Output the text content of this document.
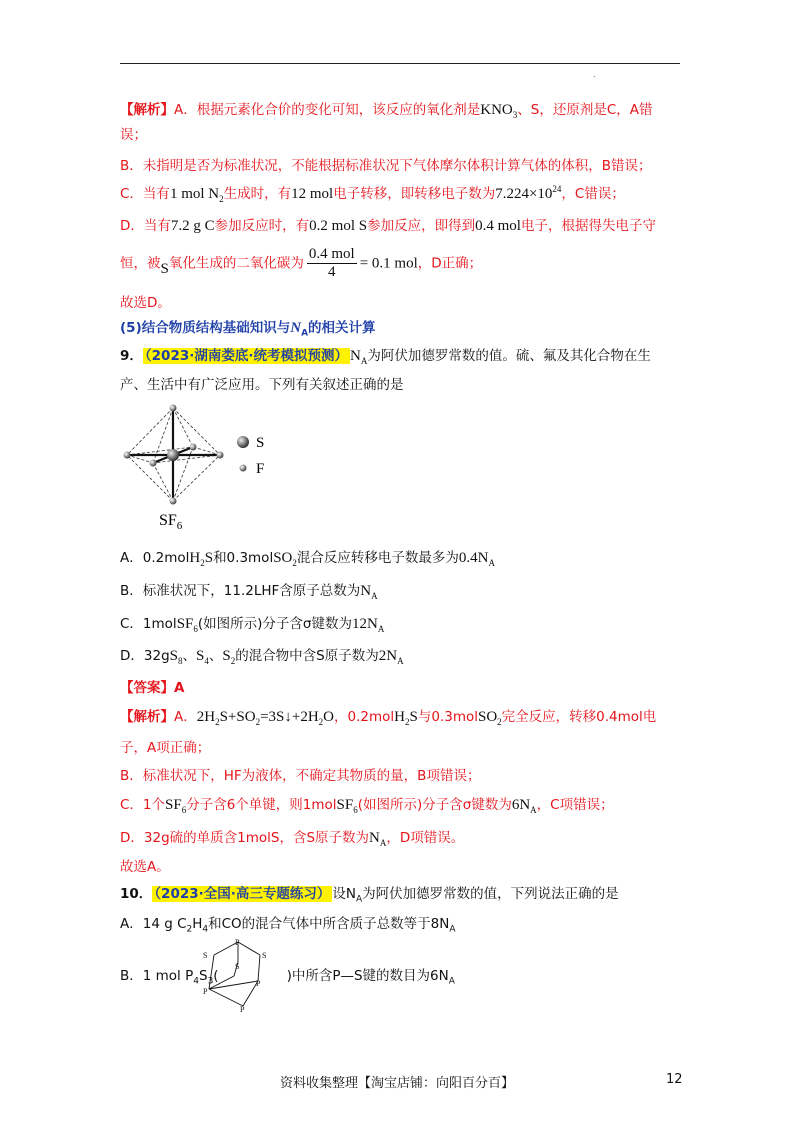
.
【解析】A．根据元素化合价的变化可知，该反应的氧化剂是$KNO_3$、S，还原剂是C，A错
误；
B．未指明是否为标准状况，不能根据标准状况下气体摩尔体积计算气体的体积，B错误；
C．当有1 mol $N_2$生成时，有12 mol电子转移，即转移电子数为$7.224\times 10^{24}$，C错误；
D．当有7.2 g C参加反应时，有0.2 mol S参加反应，即得到0.4 mol电子，根据得失电子守
恒，被S氧化生成的二氧化碳为 $\frac{\text{0.4 mol}}{4} = 0.1$ mol，D正确；
故选D。
(5)结合物质结构基础知识与$N_A$的相关计算
9． （2023·湖南娄底·统考模拟预测） $N_A$为阿伏加德罗常数的值。硫、氟及其化合物在生
产、生活中有广泛应用。下列有关叙述正确的是
S
F
$SF_6$
A．0.2molH$_2$S和0.3molSO$_2$混合反应转移电子数最多为$0.4N_A$
B．标准状况下，11.2LHF含原子总数为$N_A$
C．1molSF$_6$(如图所示)分子含σ键数为$12N_A$
D．$32gS_8$、$S_4$、$S_2$的混合物中含S原子数为$2N_A$
【答案】A
【解析】A．$2H_2S+SO_2=3S↓+2H_2O$，0.2molH$_2$S与0.3molSO$_2$完全反应，转移0.4mol电
子，A项正确；
B．标准状况下，HF为液体，不确定其物质的量，B项错误；
C．1个$SF_6$分子含6个单键，则1molSF$_6$(如图所示)分子含σ键数为$6N_A$，C项错误；
D．32g硫的单质含1molS，含S原子数为$N_A$，D项错误。
故选A。
10． （2023·全国·高三专题练习） 设$N_A$为阿伏加德罗常数的值，下列说法正确的是
A．14 g $C_2H_4$和CO的混合气体中所含质子总数等于$8N_A$
B．1 mol $P_4S_3$(	)中所含P—S键的数目为$6N_A$
P
S	S
S
P
P
P
资料收集整理【淘宝店铺：向阳百分百】	12
